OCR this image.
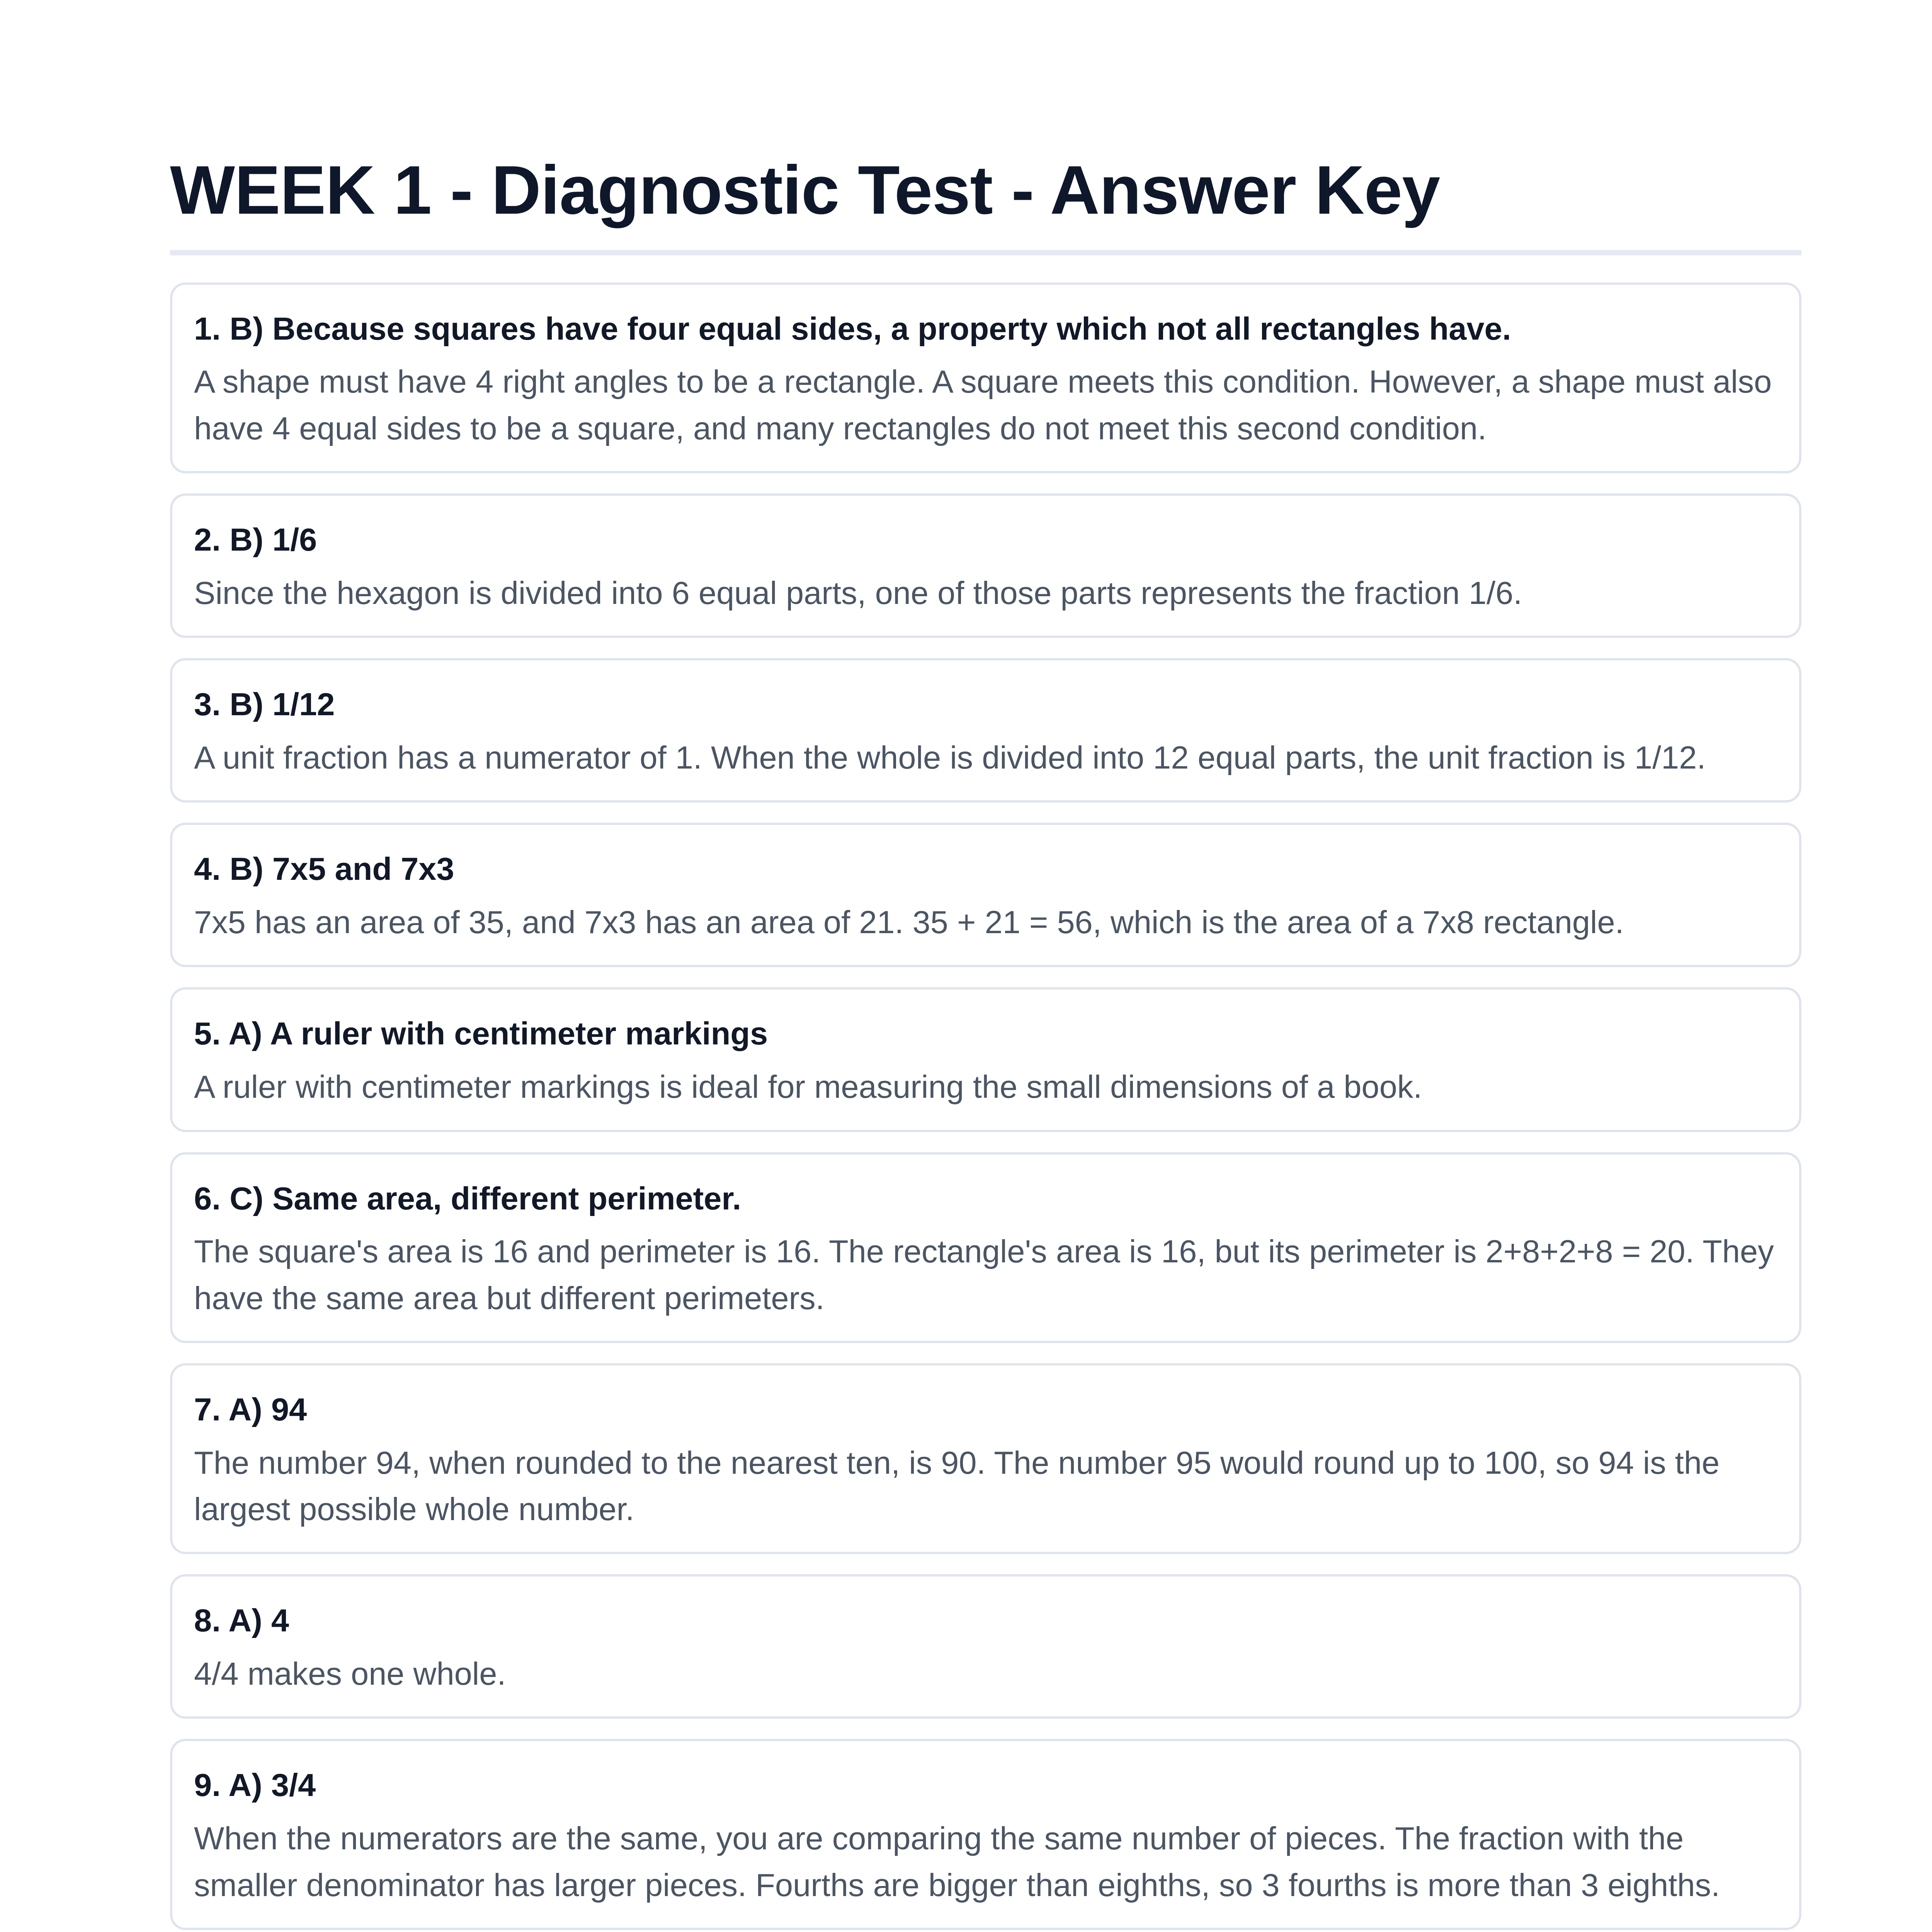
WEEK 1 - Diagnostic Test - Answer Key

1. B) Because squares have four equal sides, a property which not all rectangles have.

A shape must have 4 right angles to be a rectangle. A square meets this condition. However, a shape must also have 4 equal sides to be a square, and many rectangles do not meet this second condition.

2. B) 1/6

Since the hexagon is divided into 6 equal parts, one of those parts represents the fraction 1/6.

3. B) 1/12

A unit fraction has a numerator of 1. When the whole is divided into 12 equal parts, the unit fraction is 1/12.

4. B) 7x5 and 7x3

7x5 has an area of 35, and 7x3 has an area of 21. 35 + 21 = 56, which is the area of a 7x8 rectangle.

5. A) A ruler with centimeter markings

A ruler with centimeter markings is ideal for measuring the small dimensions of a book.

6. C) Same area, different perimeter.

The square's area is 16 and perimeter is 16. The rectangle's area is 16, but its perimeter is 2+8+2+8 = 20. They have the same area but different perimeters.

7. A) 94

The number 94, when rounded to the nearest ten, is 90. The number 95 would round up to 100, so 94 is the largest possible whole number.

8. A) 4

4/4 makes one whole.

9. A) 3/4

When the numerators are the same, you are comparing the same number of pieces. The fraction with the smaller denominator has larger pieces. Fourths are bigger than eighths, so 3 fourths is more than 3 eighths.
